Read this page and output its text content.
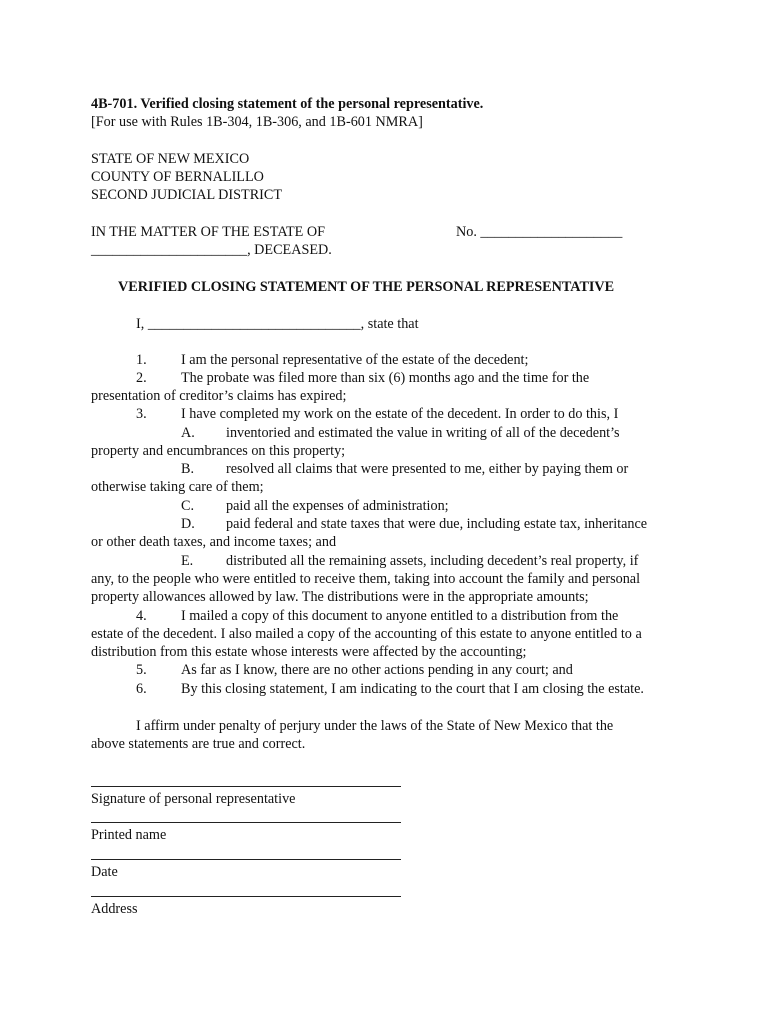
4B-701. Verified closing statement of the personal representative.
[For use with Rules 1B-304, 1B-306, and 1B-601 NMRA]
STATE OF NEW MEXICO
COUNTY OF BERNALILLO
SECOND JUDICIAL DISTRICT
IN THE MATTER OF THE ESTATE OF	No. ____________________
______________________, DECEASED.
VERIFIED CLOSING STATEMENT OF THE PERSONAL REPRESENTATIVE
I, ______________________________, state that
1. I am the personal representative of the estate of the decedent;
2. The probate was filed more than six (6) months ago and the time for the
presentation of creditor’s claims has expired;
3. I have completed my work on the estate of the decedent. In order to do this, I
A. inventoried and estimated the value in writing of all of the decedent’s
property and encumbrances on this property;
B. resolved all claims that were presented to me, either by paying them or
otherwise taking care of them;
C. paid all the expenses of administration;
D. paid federal and state taxes that were due, including estate tax, inheritance
or other death taxes, and income taxes; and
E. distributed all the remaining assets, including decedent’s real property, if
any, to the people who were entitled to receive them, taking into account the family and personal
property allowances allowed by law. The distributions were in the appropriate amounts;
4. I mailed a copy of this document to anyone entitled to a distribution from the
estate of the decedent. I also mailed a copy of the accounting of this estate to anyone entitled to a
distribution from this estate whose interests were affected by the accounting;
5. As far as I know, there are no other actions pending in any court; and
6. By this closing statement, I am indicating to the court that I am closing the estate.
I affirm under penalty of perjury under the laws of the State of New Mexico that the
above statements are true and correct.
Signature of personal representative
Printed name
Date
Address
